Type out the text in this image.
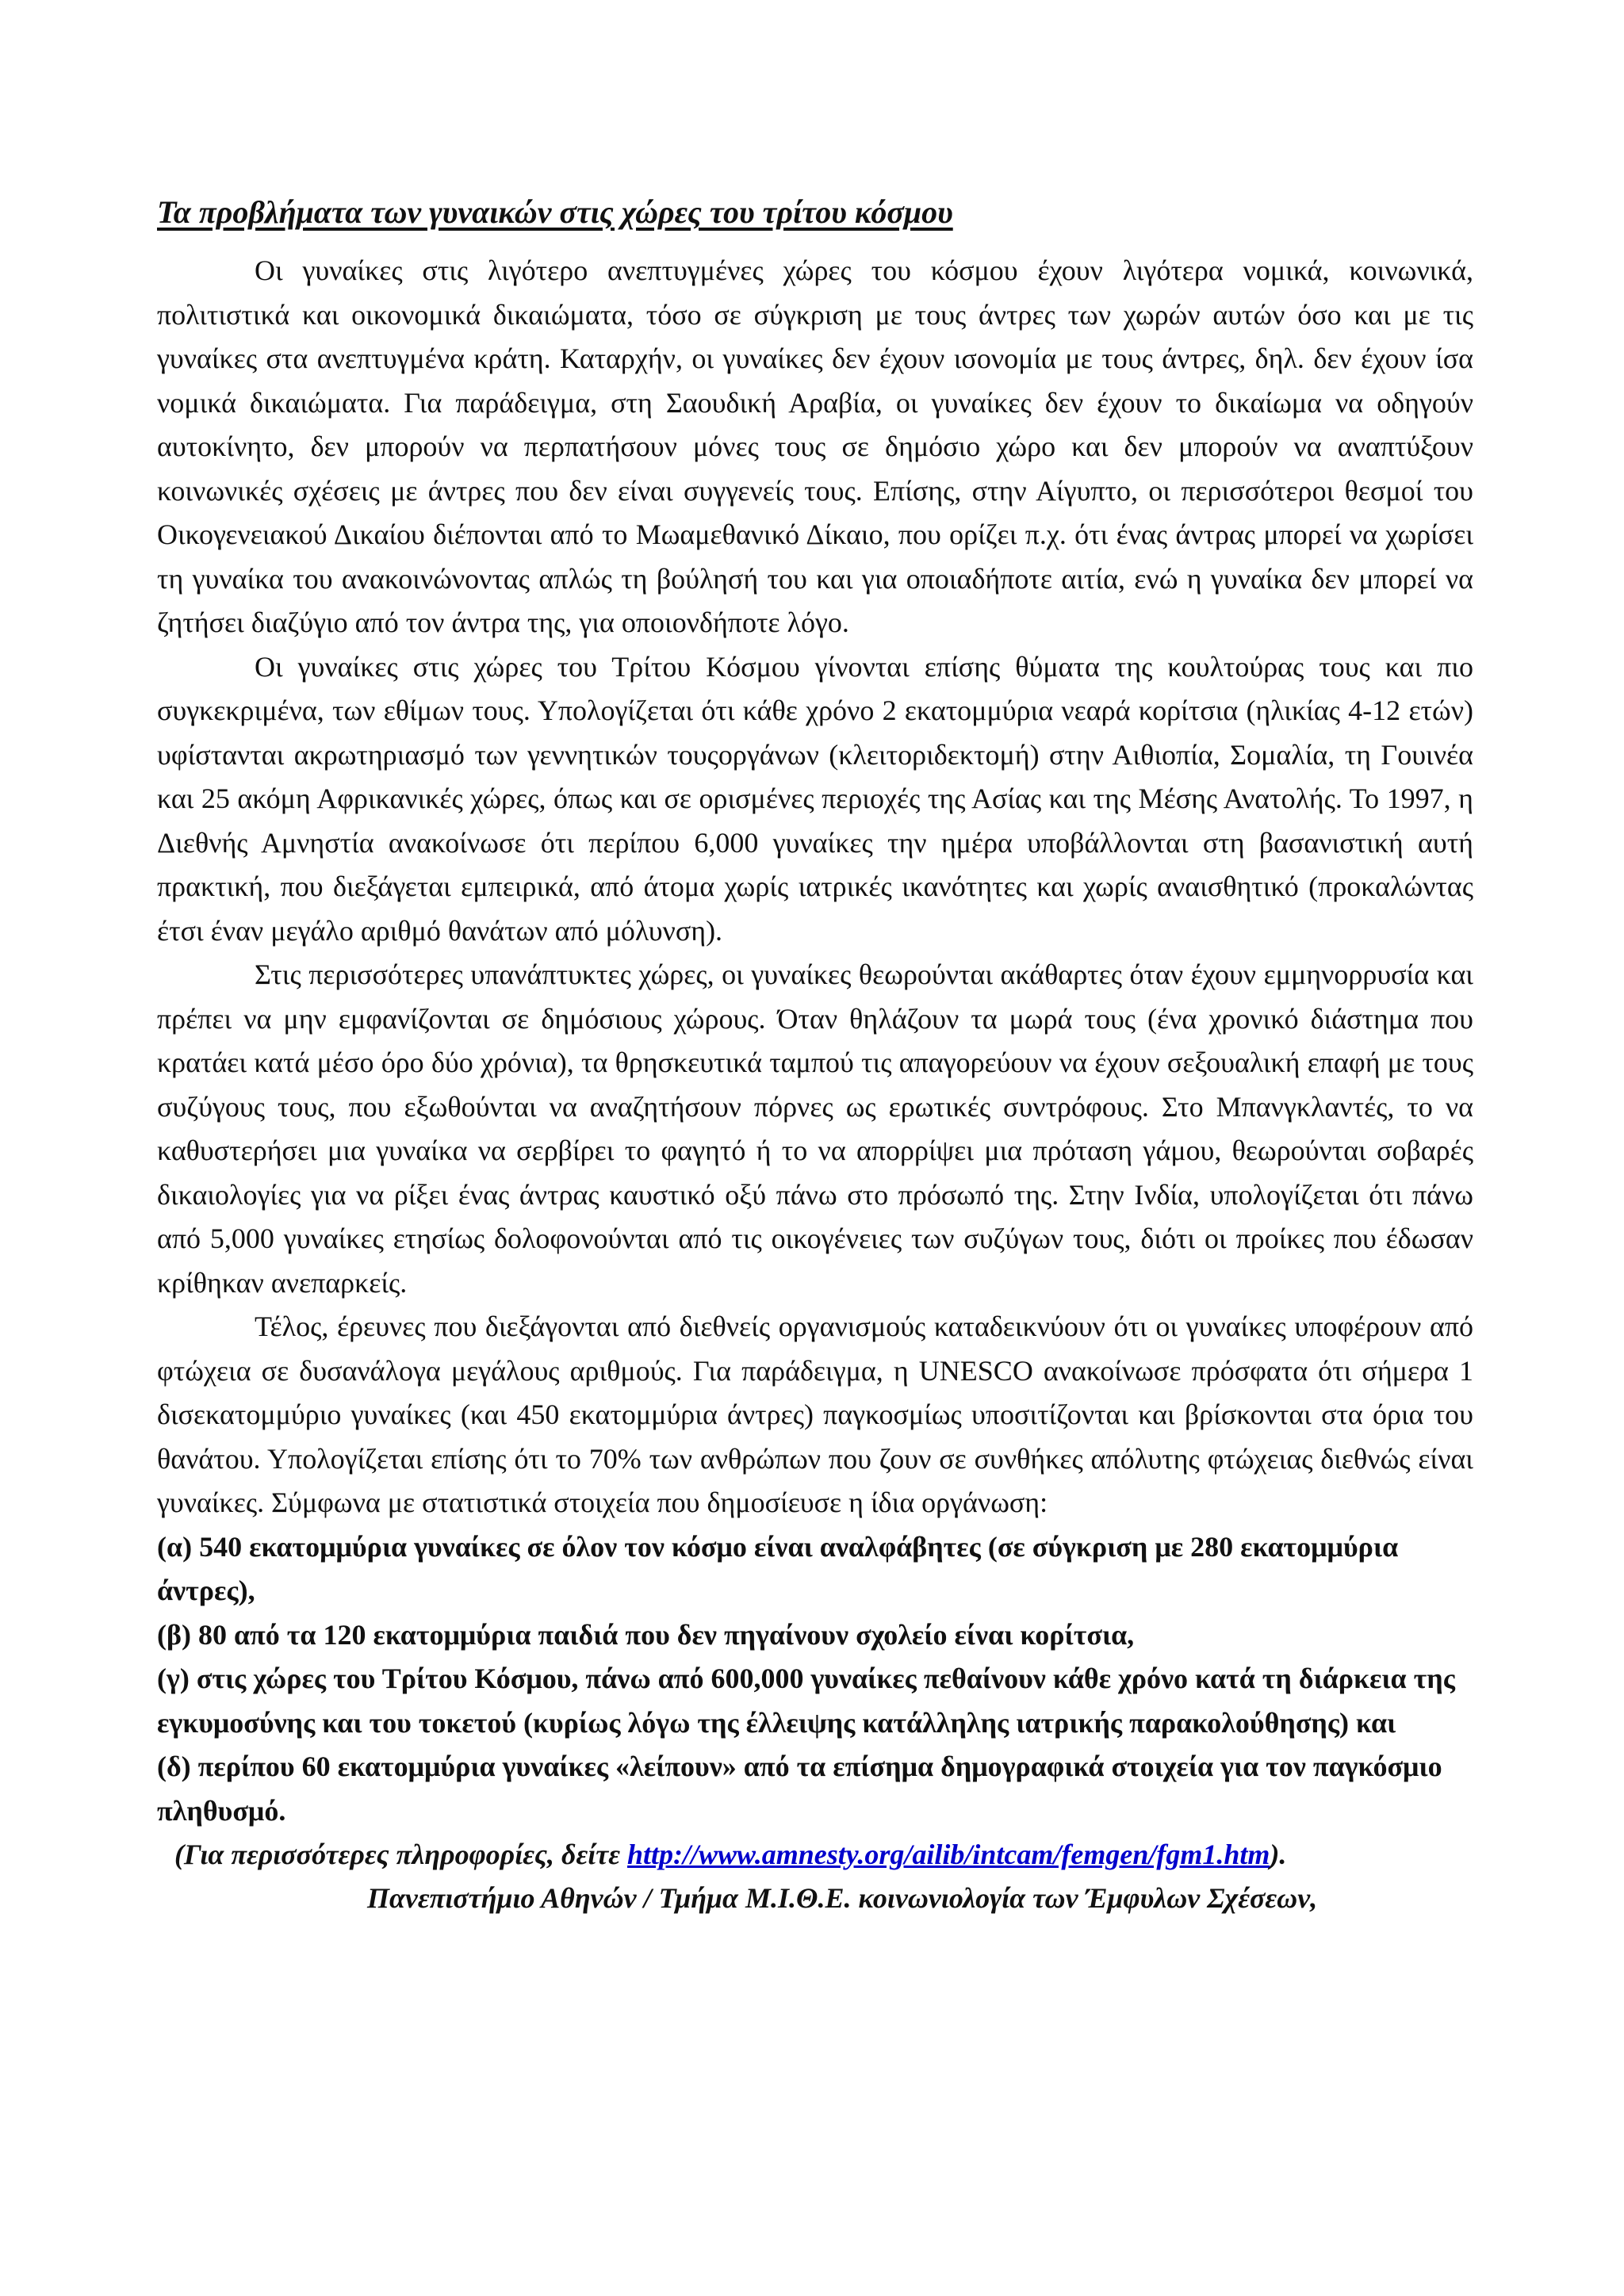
Τα προβλήματα των γυναικών στις χώρες του τρίτου κόσμου

Οι γυναίκες στις λιγότερο ανεπτυγμένες χώρες του κόσμου έχουν λιγότερα νομικά, κοινωνικά, πολιτιστικά και οικονομικά δικαιώματα, τόσο σε σύγκριση με τους άντρες των χωρών αυτών όσο και με τις γυναίκες στα ανεπτυγμένα κράτη. Καταρχήν, οι γυναίκες δεν έχουν ισονομία με τους άντρες, δηλ. δεν έχουν ίσα νομικά δικαιώματα. Για παράδειγμα, στη Σαουδική Αραβία, οι γυναίκες δεν έχουν το δικαίωμα να οδηγούν αυτοκίνητο, δεν μπορούν να περπατήσουν μόνες τους σε δημόσιο χώρο και δεν μπορούν να αναπτύξουν κοινωνικές σχέσεις με άντρες που δεν είναι συγγενείς τους. Επίσης, στην Αίγυπτο, οι περισσότεροι θεσμοί του Οικογενειακού Δικαίου διέπονται από το Μωαμεθανικό Δίκαιο, που ορίζει π.χ. ότι ένας άντρας μπορεί να χωρίσει τη γυναίκα του ανακοινώνοντας απλώς τη βούλησή του και για οποιαδήποτε αιτία, ενώ η γυναίκα δεν μπορεί να ζητήσει διαζύγιο από τον άντρα της, για οποιονδήποτε λόγο.

Οι γυναίκες στις χώρες του Τρίτου Κόσμου γίνονται επίσης θύματα της κουλτούρας τους και πιο συγκεκριμένα, των εθίμων τους. Υπολογίζεται ότι κάθε χρόνο 2 εκατομμύρια νεαρά κορίτσια (ηλικίας 4-12 ετών) υφίστανται ακρωτηριασμό των γεννητικών τουςοργάνων (κλειτοριδεκτομή) στην Αιθιοπία, Σομαλία, τη Γουινέα και 25 ακόμη Αφρικανικές χώρες, όπως και σε ορισμένες περιοχές της Ασίας και της Μέσης Ανατολής. Το 1997, η Διεθνής Αμνηστία ανακοίνωσε ότι περίπου 6,000 γυναίκες την ημέρα υποβάλλονται στη βασανιστική αυτή πρακτική, που διεξάγεται εμπειρικά, από άτομα χωρίς ιατρικές ικανότητες και χωρίς αναισθητικό (προκαλώντας έτσι έναν μεγάλο αριθμό θανάτων από μόλυνση).

Στις περισσότερες υπανάπτυκτες χώρες, οι γυναίκες θεωρούνται ακάθαρτες όταν έχουν εμμηνορρυσία και πρέπει να μην εμφανίζονται σε δημόσιους χώρους. Όταν θηλάζουν τα μωρά τους (ένα χρονικό διάστημα που κρατάει κατά μέσο όρο δύο χρόνια), τα θρησκευτικά ταμπού τις απαγορεύουν να έχουν σεξουαλική επαφή με τους συζύγους τους, που εξωθούνται να αναζητήσουν πόρνες ως ερωτικές συντρόφους. Στο Μπανγκλαντές, το να καθυστερήσει μια γυναίκα να σερβίρει το φαγητό ή το να απορρίψει μια πρόταση γάμου, θεωρούνται σοβαρές δικαιολογίες για να ρίξει ένας άντρας καυστικό οξύ πάνω στο πρόσωπό της. Στην Ινδία, υπολογίζεται ότι πάνω από 5,000 γυναίκες ετησίως δολοφονούνται από τις οικογένειες των συζύγων τους, διότι οι προίκες που έδωσαν κρίθηκαν ανεπαρκείς.

Τέλος, έρευνες που διεξάγονται από διεθνείς οργανισμούς καταδεικνύουν ότι οι γυναίκες υποφέρουν από φτώχεια σε δυσανάλογα μεγάλους αριθμούς. Για παράδειγμα, η UNESCO ανακοίνωσε πρόσφατα ότι σήμερα 1 δισεκατομμύριο γυναίκες (και 450 εκατομμύρια άντρες) παγκοσμίως υποσιτίζονται και βρίσκονται στα όρια του θανάτου. Υπολογίζεται επίσης ότι το 70% των ανθρώπων που ζουν σε συνθήκες απόλυτης φτώχειας διεθνώς είναι γυναίκες. Σύμφωνα με στατιστικά στοιχεία που δημοσίευσε η ίδια οργάνωση:

(α) 540 εκατομμύρια γυναίκες σε όλον τον κόσμο είναι αναλφάβητες (σε σύγκριση με 280 εκατομμύρια άντρες),

(β) 80 από τα 120 εκατομμύρια παιδιά που δεν πηγαίνουν σχολείο είναι κορίτσια,

(γ) στις χώρες του Τρίτου Κόσμου, πάνω από 600,000 γυναίκες πεθαίνουν κάθε χρόνο κατά τη διάρκεια της εγκυμοσύνης και του τοκετού (κυρίως λόγω της έλλειψης κατάλληλης ιατρικής παρακολούθησης) και

(δ) περίπου 60 εκατομμύρια γυναίκες «λείπουν» από τα επίσημα δημογραφικά στοιχεία για τον παγκόσμιο πληθυσμό.

(Για περισσότερες πληροφορίες, δείτε http://www.amnesty.org/ailib/intcam/femgen/fgm1.htm).

Πανεπιστήμιο Αθηνών / Τμήμα Μ.Ι.Θ.Ε. κοινωνιολογία των Έμφυλων Σχέσεων,
